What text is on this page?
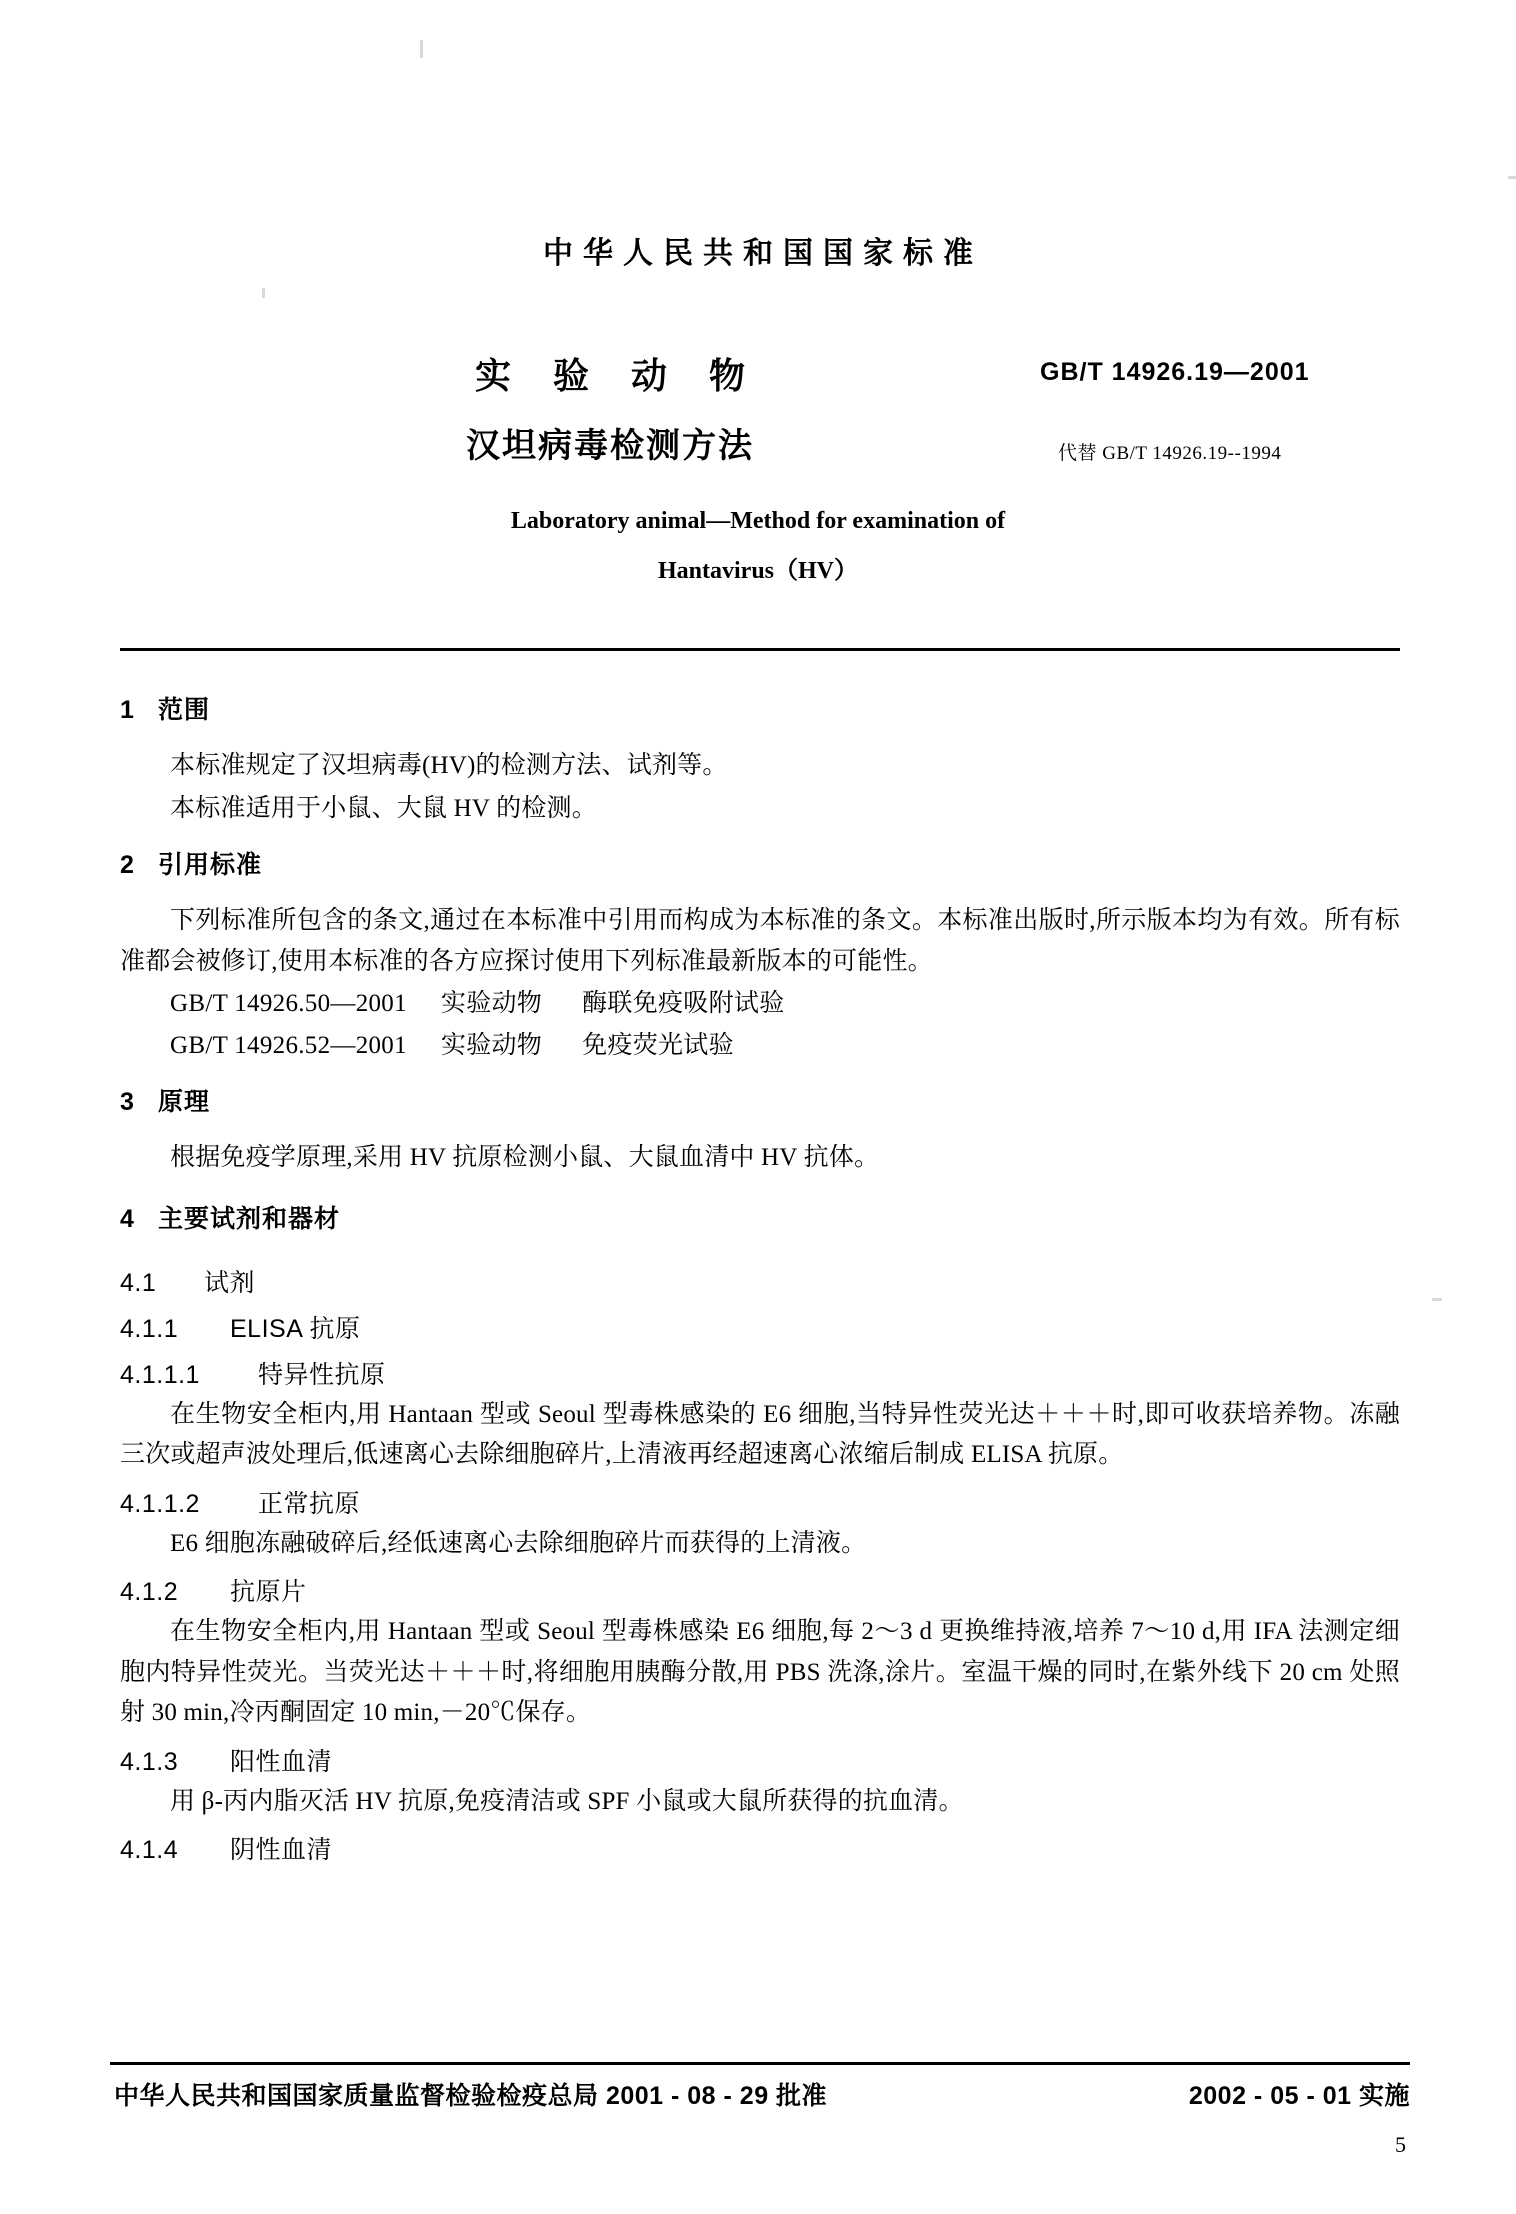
中华人民共和国国家标准
实 验 动 物
汉坦病毒检测方法
GB/T 14926.19—2001
代替 GB/T 14926.19--1994
Laboratory animal—Method for examination of
Hantavirus（HV）
1 范围

本标准规定了汉坦病毒(HV)的检测方法、试剂等。

本标准适用于小鼠、大鼠 HV 的检测。

2 引用标准

下列标准所包含的条文,通过在本标准中引用而构成为本标准的条文。本标准出版时,所示版本均为有效。所有标准都会被修订,使用本标准的各方应探讨使用下列标准最新版本的可能性。

GB/T 14926.50—2001 实验动物 酶联免疫吸附试验

GB/T 14926.52—2001 实验动物 免疫荧光试验

3 原理

根据免疫学原理,采用 HV 抗原检测小鼠、大鼠血清中 HV 抗体。

4 主要试剂和器材
4.1 试剂
4.1.1 ELISA 抗原
4.1.1.1 特异性抗原

在生物安全柜内,用 Hantaan 型或 Seoul 型毒株感染的 E6 细胞,当特异性荧光达＋＋＋时,即可收获培养物。冻融三次或超声波处理后,低速离心去除细胞碎片,上清液再经超速离心浓缩后制成 ELISA 抗原。

4.1.1.2 正常抗原

E6 细胞冻融破碎后,经低速离心去除细胞碎片而获得的上清液。

4.1.2 抗原片

在生物安全柜内,用 Hantaan 型或 Seoul 型毒株感染 E6 细胞,每 2～3 d 更换维持液,培养 7～10 d,用 IFA 法测定细胞内特异性荧光。当荧光达＋＋＋时,将细胞用胰酶分散,用 PBS 洗涤,涂片。室温干燥的同时,在紫外线下 20 cm 处照射 30 min,冷丙酮固定 10 min,－20℃保存。

4.1.3 阳性血清

用 β-丙内脂灭活 HV 抗原,免疫清洁或 SPF 小鼠或大鼠所获得的抗血清。

4.1.4 阴性血清
中华人民共和国国家质量监督检验检疫总局 2001 - 08 - 29 批准	2002 - 05 - 01 实施
5
